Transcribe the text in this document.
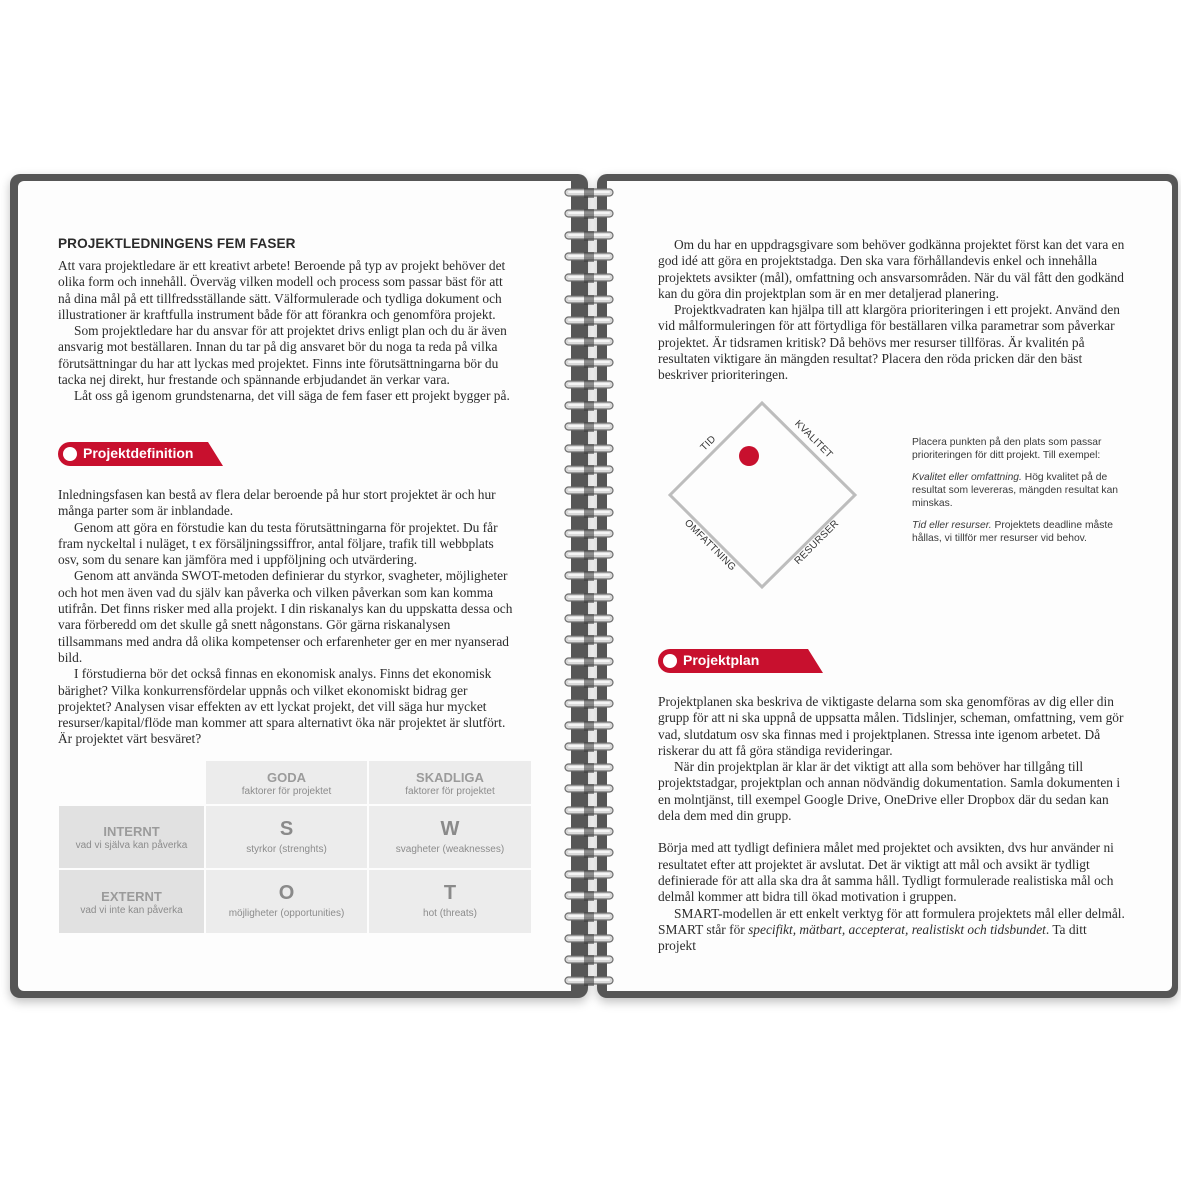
PROJEKTLEDNINGENS FEM FASER

Att vara projektledare är ett kreativt arbete! Beroende på typ av projekt behöver det olika form och innehåll. Överväg vilken modell och process som passar bäst för att nå dina mål på ett tillfredsställande sätt. Välformulerade och tydliga dokument och illustrationer är kraftfulla instrument både för att förankra och genomföra projekt.

Som projektledare har du ansvar för att projektet drivs enligt plan och du är även ansvarig mot beställaren. Innan du tar på dig ansvaret bör du noga ta reda på vilka förutsättningar du har att lyckas med projektet. Finns inte förutsättningarna bör du tacka nej direkt, hur frestande och spännande erbjudandet än verkar vara.

Låt oss gå igenom grundstenarna, det vill säga de fem faser ett projekt bygger på.

Projektdefinition

Inledningsfasen kan bestå av flera delar beroende på hur stort projektet är och hur många parter som är inblandade.

Genom att göra en förstudie kan du testa förutsättningarna för projektet. Du får fram nyckeltal i nuläget, t ex försäljningssiffror, antal följare, trafik till webbplats osv, som du senare kan jämföra med i uppföljning och utvärdering.

Genom att använda SWOT-metoden definierar du styrkor, svagheter, möjligheter och hot men även vad du själv kan påverka och vilken påverkan som kan komma utifrån. Det finns risker med alla projekt. I din riskanalys kan du uppskatta dessa och vara förberedd om det skulle gå snett någonstans. Gör gärna riskanalysen tillsammans med andra då olika kompetenser och erfarenheter ger en mer nyanserad bild.

I förstudierna bör det också finnas en ekonomisk analys. Finns det ekonomisk bärighet? Vilka konkurrensfördelar uppnås och vilket ekonomiskt bidrag ger projektet? Analysen visar effekten av ett lyckat projekt, det vill säga hur mycket resurser/kapital/flöde man kommer att spara alternativt öka när projektet är slutfört. Är projektet värt besväret?

GODA
faktorer för projektet
SKADLIGA
faktorer för projektet
INTERNT
vad vi själva kan påverka
S
styrkor (strenghts)
W
svagheter (weaknesses)
EXTERNT
vad vi inte kan påverka
O
möjligheter (opportunities)
T
hot (threats)

Om du har en uppdragsgivare som behöver godkänna projektet först kan det vara en god idé att göra en projektstadga. Den ska vara förhållandevis enkel och innehålla projektets avsikter (mål), omfattning och ansvarsområden. När du väl fått den godkänd kan du göra din projektplan som är en mer detaljerad planering.

Projektkvadraten kan hjälpa till att klargöra prioriteringen i ett projekt. Använd den vid målformuleringen för att förtydliga för beställaren vilka parametrar som påverkar projektet. Är tidsramen kritisk? Då behövs mer resurser tillföras. Är kvalitén på resultaten viktigare än mängden resultat? Placera den röda pricken där den bäst beskriver prioriteringen.

TID	KVALITET
OMFATTNING	RESURSER

Placera punkten på den plats som passar prioriteringen för ditt projekt. Till exempel:

Kvalitet eller omfattning. Hög kvalitet på de resultat som levereras, mängden resultat kan minskas.

Tid eller resurser. Projektets deadline måste hållas, vi tillför mer resurser vid behov.

Projektplan

Projektplanen ska beskriva de viktigaste delarna som ska genomföras av dig eller din grupp för att ni ska uppnå de uppsatta målen. Tidslinjer, scheman, omfattning, vem gör vad, slutdatum osv ska finnas med i projektplanen. Stressa inte igenom arbetet. Då riskerar du att få göra ständiga revideringar.

När din projektplan är klar är det viktigt att alla som behöver har tillgång till projektstadgar, projektplan och annan nödvändig dokumentation. Samla dokumenten i en molntjänst, till exempel Google Drive, OneDrive eller Dropbox där du sedan kan dela dem med din grupp.

Börja med att tydligt definiera målet med projektet och avsikten, dvs hur använder ni resultatet efter att projektet är avslutat. Det är viktigt att mål och avsikt är tydligt definierade för att alla ska dra åt samma håll. Tydligt formulerade realistiska mål och delmål kommer att bidra till ökad motivation i gruppen.

SMART-modellen är ett enkelt verktyg för att formulera projektets mål eller delmål.
SMART står för specifikt, mätbart, accepterat, realistiskt och tidsbundet. Ta ditt projekt
